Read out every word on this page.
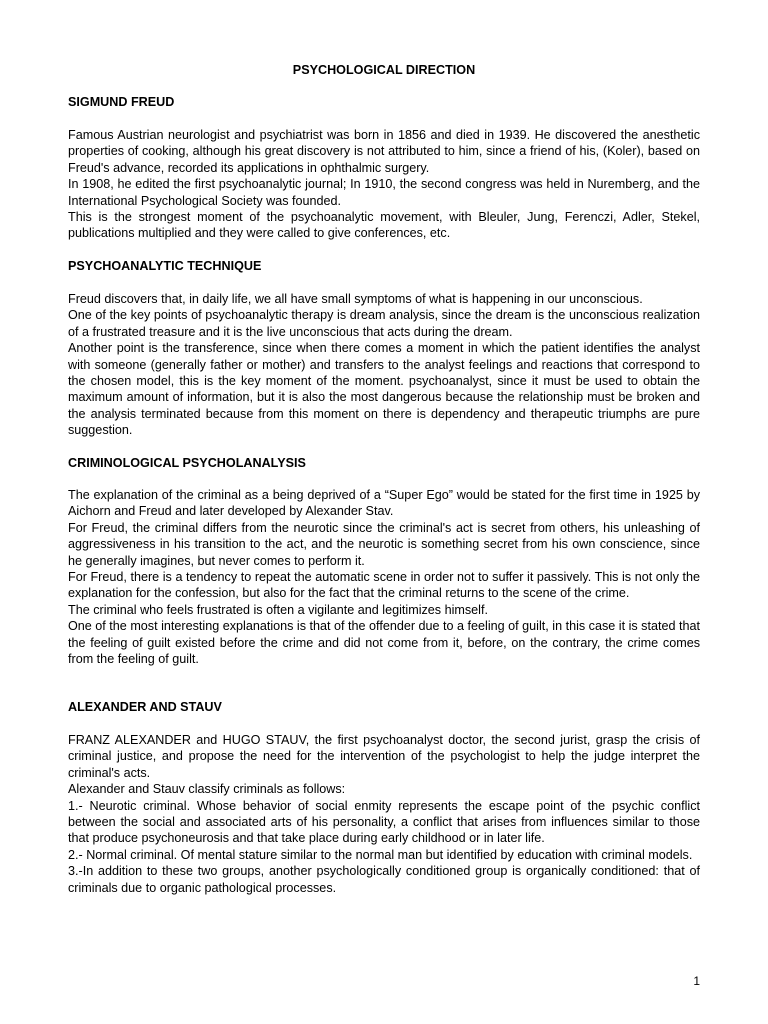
PSYCHOLOGICAL DIRECTION
SIGMUND FREUD

Famous Austrian neurologist and psychiatrist was born in 1856 and died in 1939. He discovered the anesthetic properties of cooking, although his great discovery is not attributed to him, since a friend of his, (Koler), based on Freud's advance, recorded its applications in ophthalmic surgery.

In 1908, he edited the first psychoanalytic journal; In 1910, the second congress was held in Nuremberg, and the International Psychological Society was founded.

This is the strongest moment of the psychoanalytic movement, with Bleuler, Jung, Ferenczi, Adler, Stekel, publications multiplied and they were called to give conferences, etc.

PSYCHOANALYTIC TECHNIQUE

Freud discovers that, in daily life, we all have small symptoms of what is happening in our unconscious.

One of the key points of psychoanalytic therapy is dream analysis, since the dream is the unconscious realization of a frustrated treasure and it is the live unconscious that acts during the dream.

Another point is the transference, since when there comes a moment in which the patient identifies the analyst with someone (generally father or mother) and transfers to the analyst feelings and reactions that correspond to the chosen model, this is the key moment of the moment. psychoanalyst, since it must be used to obtain the maximum amount of information, but it is also the most dangerous because the relationship must be broken and the analysis terminated because from this moment on there is dependency and therapeutic triumphs are pure suggestion.

CRIMINOLOGICAL PSYCHOLANALYSIS

The explanation of the criminal as a being deprived of a “Super Ego” would be stated for the first time in 1925 by Aichorn and Freud and later developed by Alexander Stav.

For Freud, the criminal differs from the neurotic since the criminal's act is secret from others, his unleashing of aggressiveness in his transition to the act, and the neurotic is something secret from his own conscience, since he generally imagines, but never comes to perform it.

For Freud, there is a tendency to repeat the automatic scene in order not to suffer it passively. This is not only the explanation for the confession, but also for the fact that the criminal returns to the scene of the crime.

The criminal who feels frustrated is often a vigilante and legitimizes himself.

One of the most interesting explanations is that of the offender due to a feeling of guilt, in this case it is stated that the feeling of guilt existed before the crime and did not come from it, before, on the contrary, the crime comes from the feeling of guilt.

ALEXANDER AND STAUV

FRANZ ALEXANDER and HUGO STAUV, the first psychoanalyst doctor, the second jurist, grasp the crisis of criminal justice, and propose the need for the intervention of the psychologist to help the judge interpret the criminal's acts.

Alexander and Stauv classify criminals as follows:

1.- Neurotic criminal. Whose behavior of social enmity represents the escape point of the psychic conflict between the social and associated arts of his personality, a conflict that arises from influences similar to those that produce psychoneurosis and that take place during early childhood or in later life.

2.- Normal criminal. Of mental stature similar to the normal man but identified by education with criminal models.

3.-In addition to these two groups, another psychologically conditioned group is organically conditioned: that of criminals due to organic pathological processes.

1
